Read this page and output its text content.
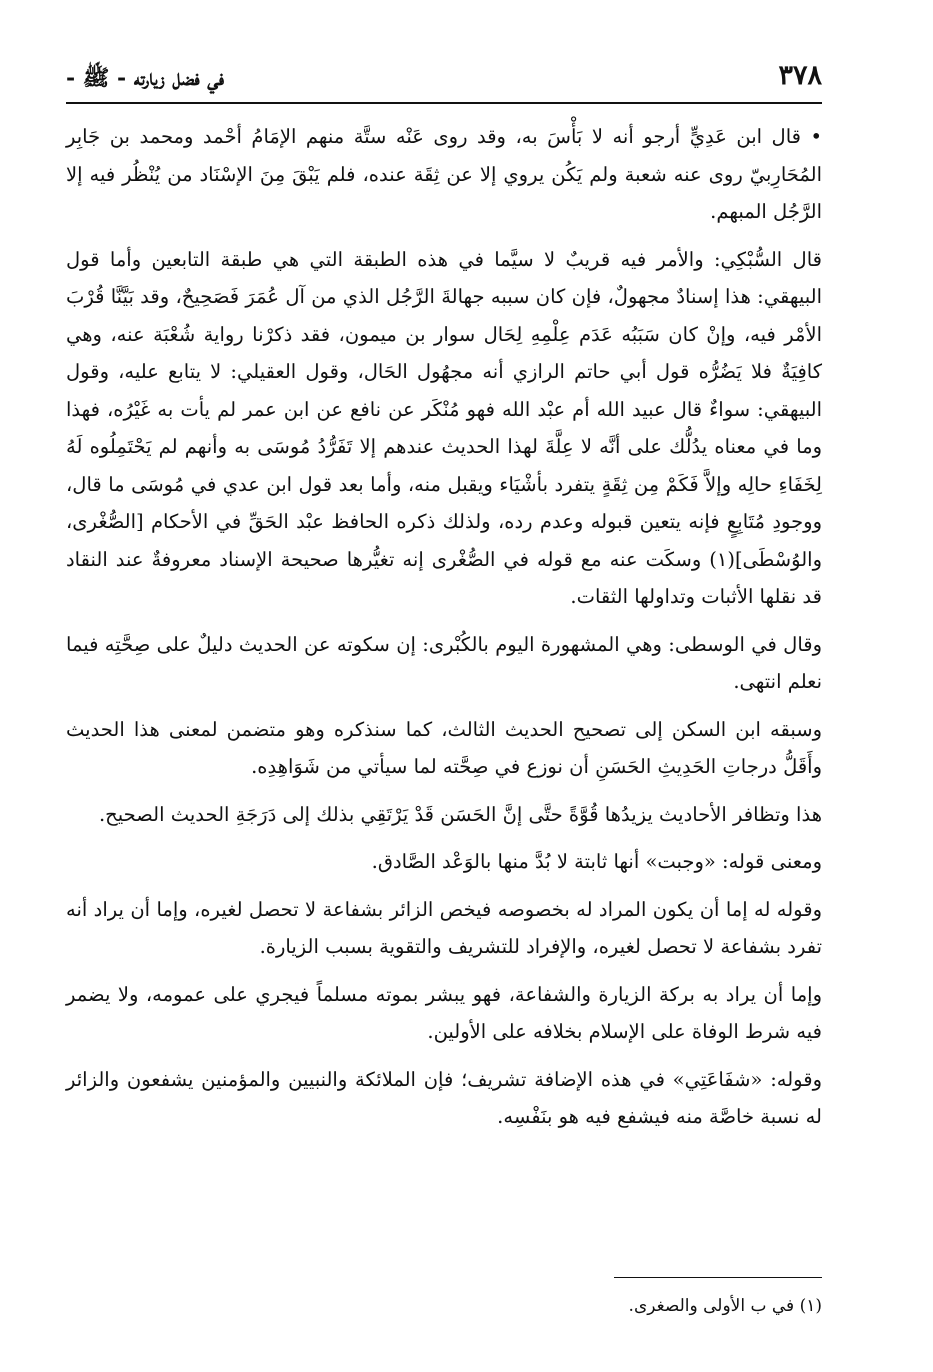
٣٧٨
في فضل زيارته - ﷺ -

• قال ابن عَدِيٍّ أرجو أنه لا بَأْسَ به، وقد روى عَنْه ستَّة منهم الإمَامُ أحْمد ومحمد بن جَابِر المُحَارِبيّ روى عنه شعبة ولم يَكُن يروي إلا عن ثِقَة عنده، فلم يَبْقَ مِنَ الإسْنَاد من يُنْظُر فيه إلا الرَّجُل المبهم.

قال السُّبْكِي: والأمر فيه قريبٌ لا سيَّما في هذه الطبقة التي هي طبقة التابعين وأما قول البيهقي: هذا إسنادٌ مجهولٌ، فإن كان سببه جهالةَ الرَّجُل الذي من آل عُمَرَ فَصَحِيحٌ، وقد بَيَّنَّا قُرْبَ الأمْر فيه، وإنْ كان سَبَبُه عَدَم عِلْمِهِ لِحَال سوار بن ميمون، فقد ذكرْنا رواية شُعْبَة عنه، وهي كافِيَةٌ فلا يَضُرُّه قول أبي حاتم الرازي أنه مجهُول الحَال، وقول العقيلي: لا يتابع عليه، وقول البيهقي: سواءٌ قال عبيد الله أم عبْد الله فهو مُنْكَر عن نافع عن ابن عمر لم يأت به غَيْرُه، فهذا وما في معناه يدُلُّك على أنَّه لا عِلَّةَ لهذا الحديث عندهم إلا تَفَرُّدُ مُوسَى به وأنهم لم يَحْتَمِلُوه لَهُ لِخَفَاءِ حالِه وإلاَّ فَكَمْ مِن ثِقَةٍ يتفرد بأشْيَاء ويقبل منه، وأما بعد قول ابن عدي في مُوسَى ما قال، ووجودِ مُتَابِعٍ فإنه يتعين قبوله وعدم رده، ولذلك ذكره الحافظ عبْد الحَقِّ في الأحكام [الصُّغْرى، والوُسْطَى](١) وسكَت عنه مع قوله في الصُّغْرى إنه تغيُّرها صحيحة الإسناد معروفةٌ عند النقاد قد نقلها الأثبات وتداولها الثقات.

وقال في الوسطى: وهي المشهورة اليوم بالكُبْرى: إن سكوته عن الحديث دليلٌ على صِحَّتِه فيما نعلم انتهى.

وسبقه ابن السكن إلى تصحيح الحديث الثالث، كما سنذكره وهو متضمن لمعنى هذا الحديث وأَقَلُّ درجاتِ الحَدِيثِ الحَسَنِ أن نوزع في صِحَّته لما سيأتي من شَوَاهِدِه.

هذا وتظافر الأحاديث يزيدُها قُوَّةً حتَّى إنَّ الحَسَن قَدْ يَرْتَقِي بذلك إلى دَرَجَةِ الحديث الصحيح.

ومعنى قوله: «وجبت» أنها ثابتة لا بُدَّ منها بالوَعْد الصَّادق.

وقوله له إما أن يكون المراد له بخصوصه فيخص الزائر بشفاعة لا تحصل لغيره، وإما أن يراد أنه تفرد بشفاعة لا تحصل لغيره، والإفراد للتشريف والتقوية بسبب الزيارة.

وإما أن يراد به بركة الزيارة والشفاعة، فهو يبشر بموته مسلماً فيجري على عمومه، ولا يضمر فيه شرط الوفاة على الإسلام بخلافه على الأولين.

وقوله: «شفَاعَتِي» في هذه الإضافة تشريف؛ فإن الملائكة والنبيين والمؤمنين يشفعون والزائر له نسبة خاصَّة منه فيشفع فيه هو بنَفْسِه.

(١) في ب الأولى والصغرى.
